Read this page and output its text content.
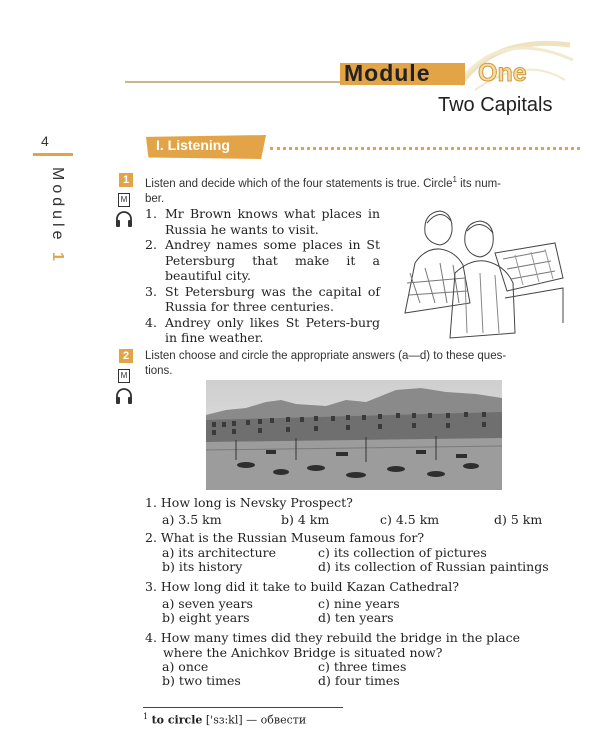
Module One
Two Capitals
4
Module 1
I. Listening
1	Listen and decide which of the four statements is true. Circle$^1$ its num-
ber.
M
1. Mr Brown knows what places in Russia he wants to visit.
2. Andrey names some places in St Petersburg that make it a beautiful city.
3. St Petersburg was the capital of Russia for three centuries.
4. Andrey only likes St Peters-burg in fine weather.
2	Listen choose and circle the appropriate answers (a—d) to these ques-
tions.
M
1. How long is Nevsky Prospect?
a) 3.5 km	b) 4 km	c) 4.5 km	d) 5 km
2. What is the Russian Museum famous for?
a) its architecture	c) its collection of pictures
b) its history	d) its collection of Russian paintings
3. How long did it take to build Kazan Cathedral?
a) seven years	c) nine years
b) eight years	d) ten years
4. How many times did they rebuild the bridge in the place
where the Anichkov Bridge is situated now?
a) once	c) three times
b) two times	d) four times
$^1$ to circle ['sɜ:kl] — обвести
